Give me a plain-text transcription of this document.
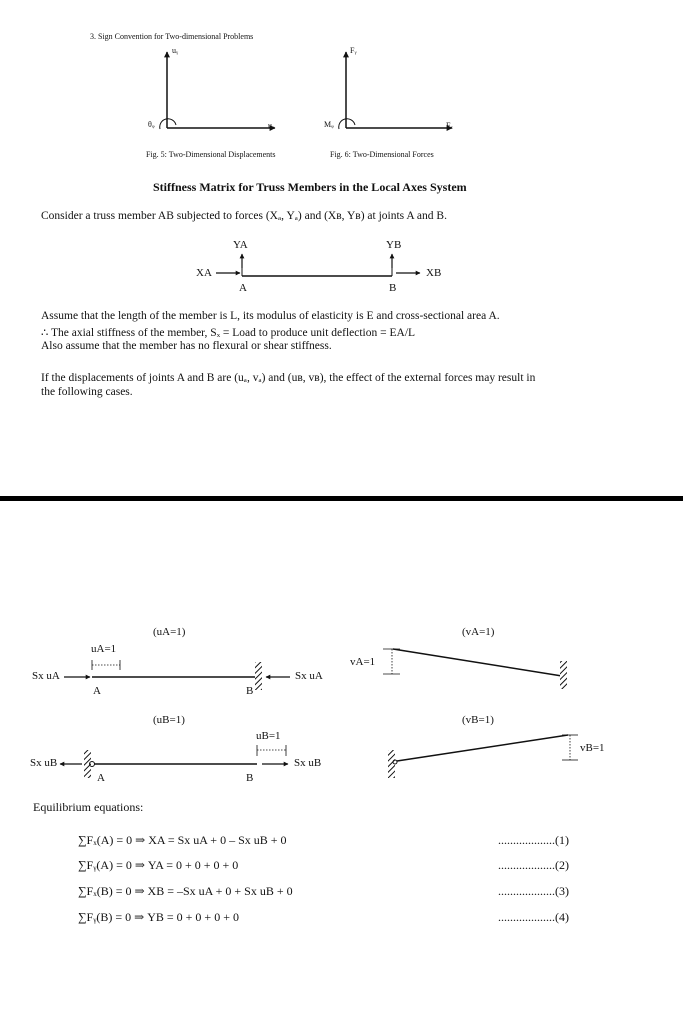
3. Sign Convention for Two-dimensional Problems
uᵧ
uₓ
θᵩ
Fig. 5: Two-Dimensional Displacements
Fᵧ
Fₓ
Mᵩ
Fig. 6: Two-Dimensional Forces
Stiffness Matrix for Truss Members in the Local Axes System
Consider a truss member AB subjected to forces (Xₐ, Yₐ) and (Xʙ, Yʙ) at joints A and B.
YA	YB
XA	XB
A	B
Assume that the length of the member is L, its modulus of elasticity is E and cross-sectional area A.
∴ The axial stiffness of the member, Sₓ = Load to produce unit deflection = EA/L
Also assume that the member has no flexural or shear stiffness.
If the displacements of joints A and B are (uₐ, vₐ) and (uʙ, vʙ), the effect of the external forces may result in
the following cases.
(uA=1)
uA=1
Sx uA	Sx uA
A	B
(vA=1)
vA=1
(uB=1)
uB=1
Sx uB	Sx uB
A	B
(vB=1)
vB=1
Equilibrium equations:
∑Fₓ(A) = 0 ⇒ XA = Sx uA + 0 – Sx uB + 0	...................(1)
∑Fᵧ(A) = 0 ⇒ YA = 0 + 0 + 0 + 0	...................(2)
∑Fₓ(B) = 0 ⇒ XB = –Sx uA + 0 + Sx uB + 0	...................(3)
∑Fᵧ(B) = 0 ⇒ YB = 0 + 0 + 0 + 0	...................(4)
